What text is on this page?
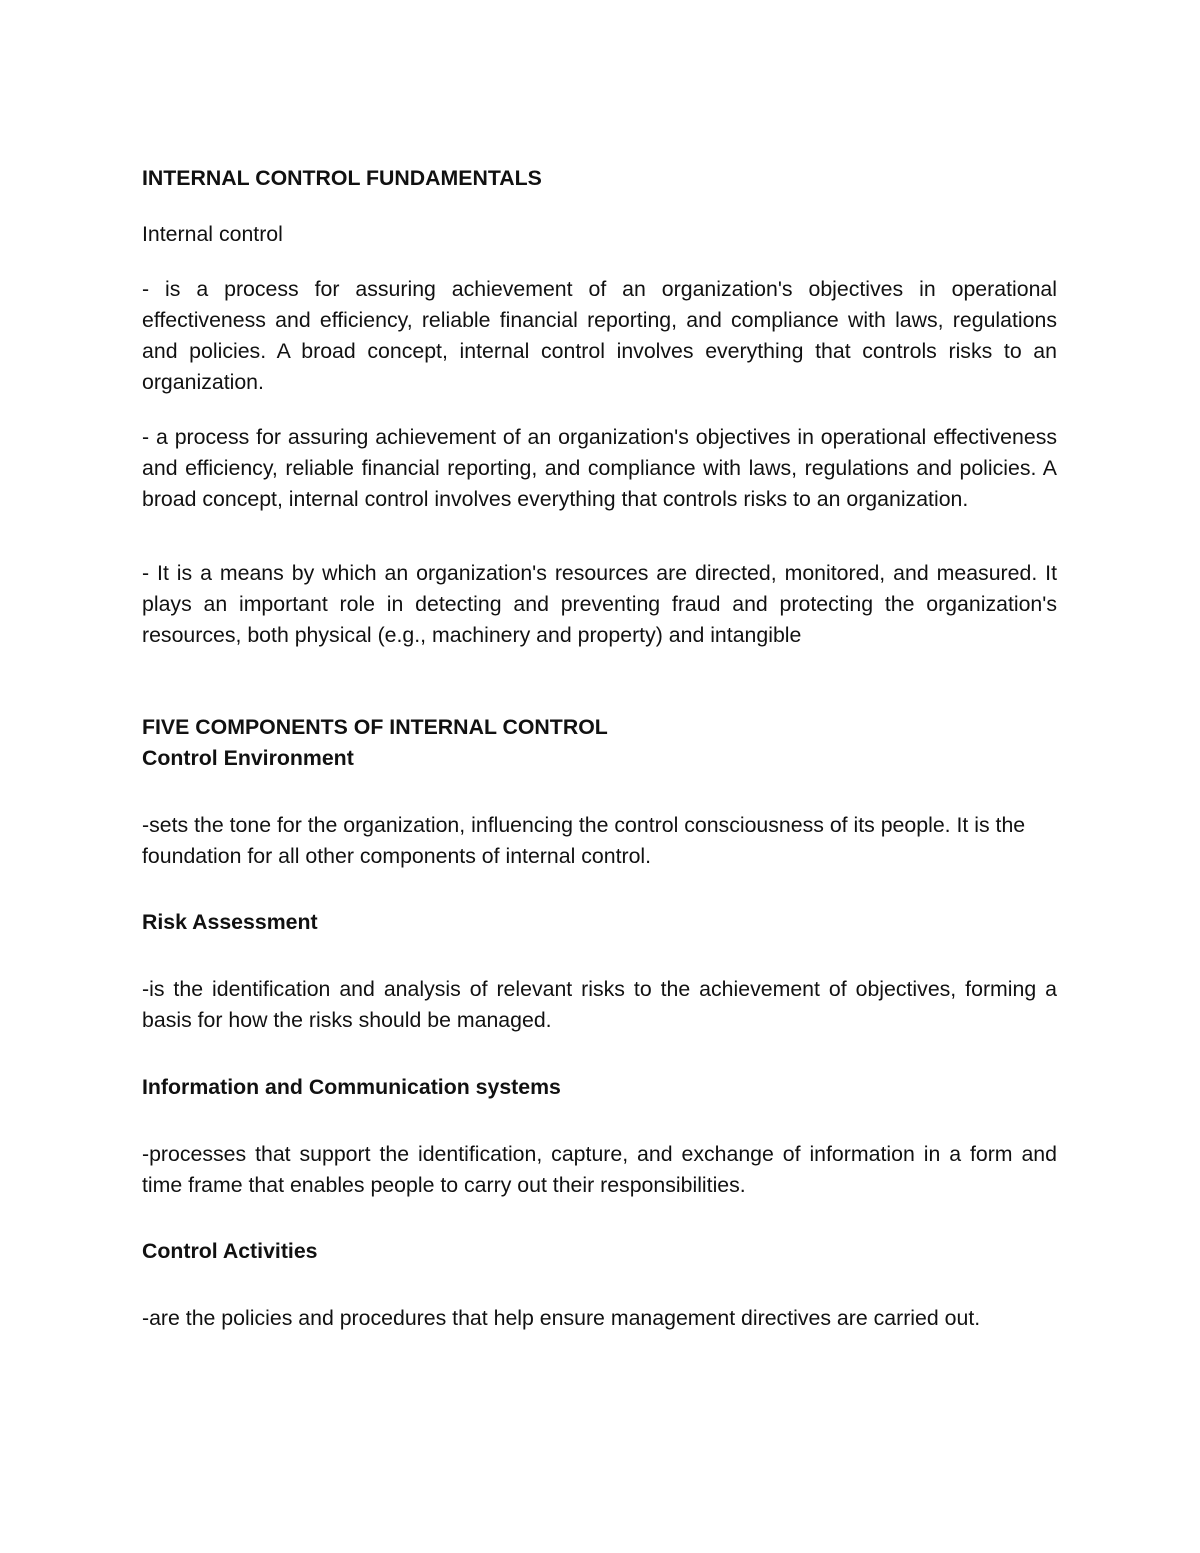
INTERNAL CONTROL FUNDAMENTALS

Internal control

- is a process for assuring achievement of an organization's objectives in operational effectiveness and efficiency, reliable financial reporting, and compliance with laws, regulations and policies. A broad concept, internal control involves everything that controls risks to an organization.

- a process for assuring achievement of an organization's objectives in operational effectiveness and efficiency, reliable financial reporting, and compliance with laws, regulations and policies. A broad concept, internal control involves everything that controls risks to an organization.

- It is a means by which an organization's resources are directed, monitored, and measured. It plays an important role in detecting and preventing fraud and protecting the organization's resources, both physical (e.g., machinery and property) and intangible

FIVE COMPONENTS OF INTERNAL CONTROL
Control Environment

-sets the tone for the organization, influencing the control consciousness of its people. It is the foundation for all other components of internal control.

Risk Assessment

-is the identification and analysis of relevant risks to the achievement of objectives, forming a basis for how the risks should be managed.

Information and Communication systems

-processes that support the identification, capture, and exchange of information in a form and time frame that enables people to carry out their responsibilities.

Control Activities

-are the policies and procedures that help ensure management directives are carried out.
